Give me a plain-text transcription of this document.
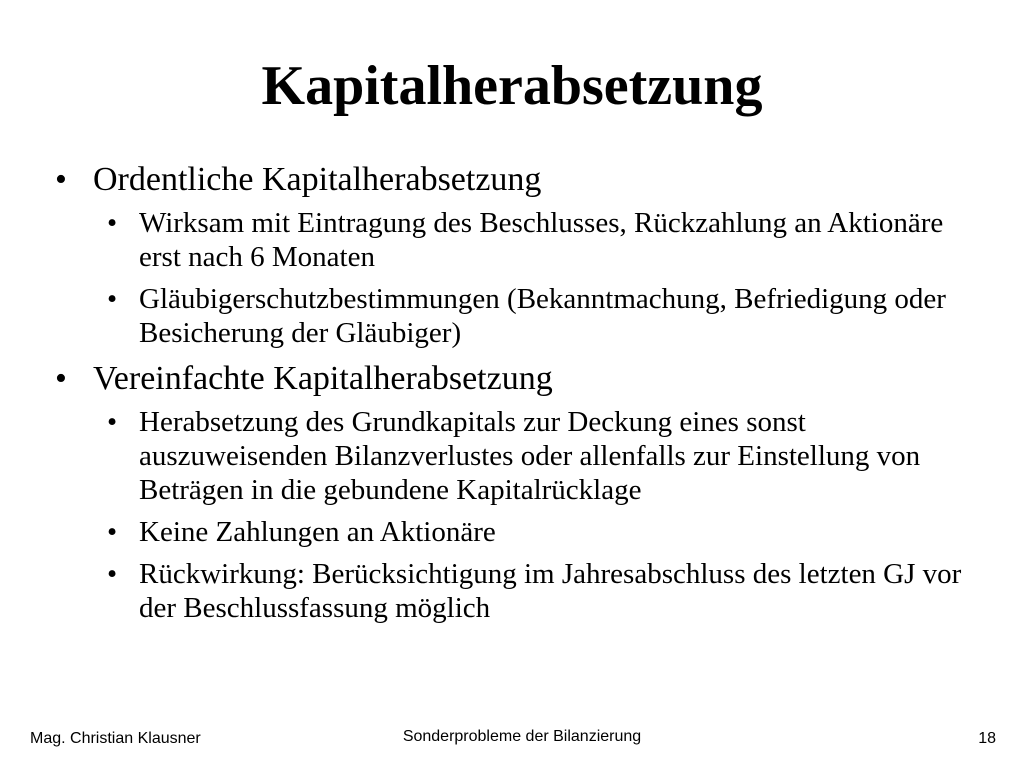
Kapitalherabsetzung
• Ordentliche Kapitalherabsetzung
• Wirksam mit Eintragung des Beschlusses, Rückzahlung an Aktionäre erst nach 6 Monaten
• Gläubigerschutzbestimmungen (Bekanntmachung, Befriedigung oder Besicherung der Gläubiger)
• Vereinfachte Kapitalherabsetzung
• Herabsetzung des Grundkapitals zur Deckung eines sonst auszuweisenden Bilanzverlustes oder allenfalls zur Einstellung von Beträgen in die gebundene Kapitalrücklage
• Keine Zahlungen an Aktionäre
• Rückwirkung: Berücksichtigung im Jahresabschluss des letzten GJ vor der Beschlussfassung möglich
Mag. Christian Klausner	Sonderprobleme der Bilanzierung	18
